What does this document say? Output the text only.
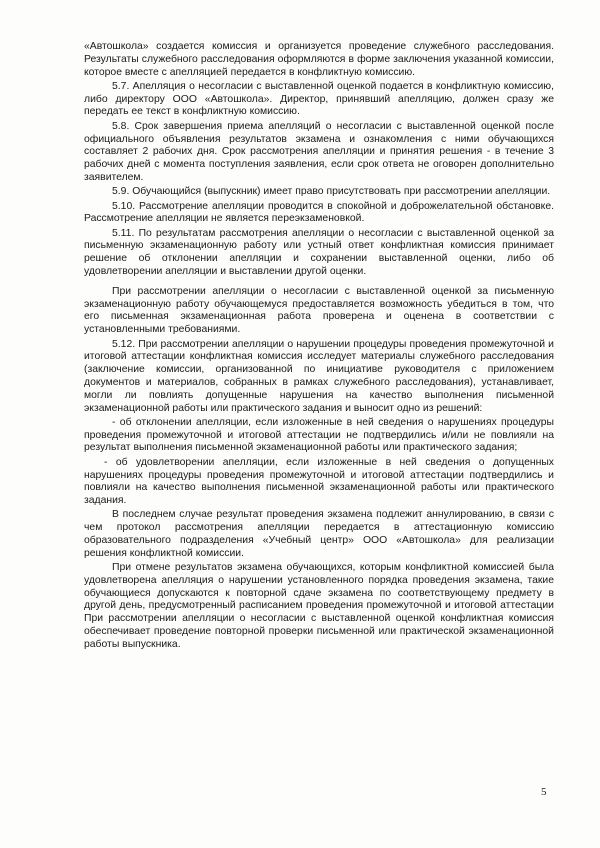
«Автошкола» создается комиссия и организуется проведение служебного расследования. Результаты служебного расследования оформляются в форме заключения указанной комиссии, которое вместе с апелляцией передается в конфликтную комиссию.

5.7. Апелляция о несогласии с выставленной оценкой подается в конфликтную комиссию, либо директору ООО «Автошкола». Директор, принявший апелляцию, должен сразу же передать ее текст в конфликтную комиссию.

5.8. Срок завершения приема апелляций о несогласии с выставленной оценкой после официального объявления результатов экзамена и ознакомления с ними обучающихся составляет 2 рабочих дня. Срок рассмотрения апелляции и принятия решения - в течение 3 рабочих дней с момента поступления заявления, если срок ответа не оговорен дополнительно заявителем.

5.9. Обучающийся (выпускник) имеет право присутствовать при рассмотрении апелляции.

5.10. Рассмотрение апелляции проводится в спокойной и доброжелательной обстановке. Рассмотрение апелляции не является переэкзаменовкой.

5.11. По результатам рассмотрения апелляции о несогласии с выставленной оценкой за письменную экзаменационную работу или устный ответ конфликтная комиссия принимает решение об отклонении апелляции и сохранении выставленной оценки, либо об удовлетворении апелляции и выставлении другой оценки.

При рассмотрении апелляции о несогласии с выставленной оценкой за письменную экзаменационную работу обучающемуся предоставляется возможность убедиться в том, что его письменная экзаменационная работа проверена и оценена в соответствии с установленными требованиями.

5.12. При рассмотрении апелляции о нарушении процедуры проведения промежуточной и итоговой аттестации конфликтная комиссия исследует материалы служебного расследования (заключение комиссии, организованной по инициативе руководителя с приложением документов и материалов, собранных в рамках служебного расследования), устанавливает, могли ли повлиять допущенные нарушения на качество выполнения письменной экзаменационной работы или практического задания и выносит одно из решений:

- об отклонении апелляции, если изложенные в ней сведения о нарушениях процедуры проведения промежуточной и итоговой аттестации не подтвердились и/или не повлияли на результат выполнения письменной экзаменационной работы или практического задания;

- об удовлетворении апелляции, если изложенные в ней сведения о допущенных нарушениях процедуры проведения промежуточной и итоговой аттестации подтвердились и повлияли на качество выполнения письменной экзаменационной работы или практического задания.

В последнем случае результат проведения экзамена подлежит аннулированию, в связи с чем протокол рассмотрения апелляции передается в аттестационную комиссию образовательного подразделения «Учебный центр» ООО «Автошкола» для реализации решения конфликтной комиссии.

При отмене результатов экзамена обучающихся, которым конфликтной комиссией была удовлетворена апелляция о нарушении установленного порядка проведения экзамена, такие обучающиеся допускаются к повторной сдаче экзамена по соответствующему предмету в другой день, предусмотренный расписанием проведения промежуточной и итоговой аттестации При рассмотрении апелляции о несогласии с выставленной оценкой конфликтная комиссия обеспечивает проведение повторной проверки письменной или практической экзаменационной работы выпускника.

5
